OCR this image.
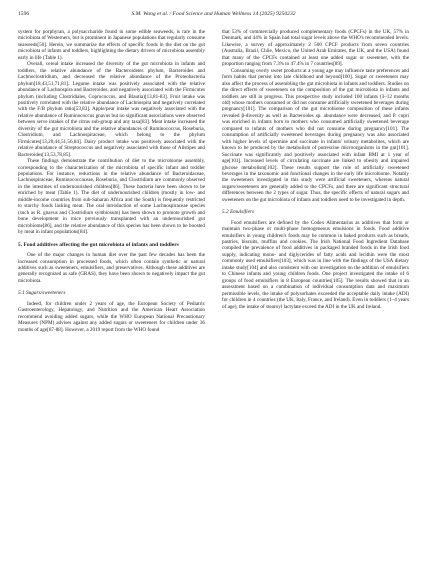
1596	S.M. Wang et al. / Food Science and Human Wellness 14 (2025) 9250232

system for porphyran, a polysaccharide found in some edible seaweeds, is rare in the microbiota of Westerners, but is prominent in Japanese populations that regularly consume seaweeds[50]. Herein, we summarize the effects of specific foods in the diet on the gut microbiota of infants and toddlers, highlighting the dietary drivers of microbiota assembly early in life (Table 1).

Overall, cereal intake increased the diversity of the gut microbiota in infants and toddlers, the relative abundance of the Bacteroidetes phylum, Bacteroides and Lachnoclostridium, and decreased the relative abundance of the Proteobacteria phylum[18,43,51,71,81]. Legume intake was positively associated with the relative abundance of Lachnospira and Bacteroides, and negatively associated with the Firmicutes phylum (including Clostridiales, Coprococcus, and Blautia)[13,81-83]. Fruit intake was positively correlated with the relative abundance of Lachnospira and negatively correlated with the F/B phylum ratio[53,83]. Apple/pear intake was negatively associated with the relative abundance of Ruminococcus gnavus but no significant associations were observed between serve intakes of the citrus sub-group and any taxa[83]. Meat intake increased the diversity of the gut microbiota and the relative abundances of Ruminococcus, Roseburia, Clostridium, and Lachnospiraceae, which belong to the phylum Firmicutes[13,20,44,51,56,84]. Dairy product intake was positively associated with the relative abundance of Streptococcus and negatively associated with those of Alistipes and Bacteroides[13,53,78,85].

These findings demonstrate the contribution of diet to the microbiome assembly, corresponding to the characterization of the microbiota of specific infant and toddler populations. For instance, reductions in the relative abundance of Bacteroidaceae, Lachnospiraceae, Ruminococcaceae, Roseburia, and Clostridium are commonly observed in the intestines of undernourished children[86]. These bacteria have been shown to be enriched by meat (Table 1). The diet of undernourished children (mostly in low- and middle-income countries from sub-Saharan Africa and the South) is frequently restricted to starchy foods lacking meat. The oral introduction of some Lachnospiraceae species (such as R. gnavus and Clostridium symbiosum) has been shown to promote growth and bone development in mice previously transplanted with an undernourished gut microbiome[86], and the relative abundance of this species has been shown to be boosted by meat in infant populations[84].

5. Food additives affecting the gut microbiota of infants and toddlers

One of the major changes in human diet over the past few decades has been the increased consumption in processed foods, which often contain synthetic or natural additives such as sweeteners, emulsifiers, and preservatives. Although these additives are generally recognized as safe (GRAS), they have been shown to negatively impact the gut microbiota.

5.1 Sugars/sweeteners

Indeed, for children under 2 years of age, the European Society of Pediatric Gastroenterology, Hepatology, and Nutrition and the American Heart Association recommend avoiding added sugars, while the WHO European National Precautionary Measures (NPM) advises against any added sugars or sweeteners for children under 36 months of age[87-88]. However, a 2019 report from the WHO found

that 53% of commercially produced complementary foods (CPCFs) in the UK, 57% in Denmark, and 44% in Spain had total sugar levels above the WHO's recommended levels. Likewise, a survey of approximately 2 500 CPCF products from seven countries (Australia, Brazil, Chile, Mexico, the United Arab Emirates, the UK, and the USA) found that many of the CPCFs contained at least one added sugar or sweetener, with the proportion ranging from 7.3% to 47.4% in 7 countries[89].

Consuming overly sweet products at a young age may influence taste preferences and form habits that persist into late childhood and beyond[100]. Sugar or sweeteners may also affect the process of assembling the gut microbiota in infants and toddlers. Studies on the direct effects of sweeteners on the composition of the gut microbiota in infants and toddlers are still in progress. This prospective study included 100 infants (3–12 months old) whose mothers consumed or did not consume artificially sweetened beverages during pregnancy[101]. The comparison of the gut microbiome composition of these infants revealed β-diversity as well as Bacteroides sp. abundance were decreased, and P. copri was enriched in infants born to mothers who consumed artificially sweetened beverage compared to infants of mothers who did not consume during pregnancy[101]. The consumption of artificially sweetened beverages during pregnancy was also associated with higher levels of spermine and succinate in infants' urinary metabolites, which are known to be produced by the metabolism of putrescine microorganisms in the gut[101]. Succinate was significantly and positively associated with infant BMI at 1 year of age[101]. Increased levels of circulating succinate are linked to obesity and impaired glucose metabolism[102]. These results support the role of artificially sweetened beverages in the taxonomic and functional changes in the early life microbiome. Notably the sweeteners investigated in this study were artificial sweeteners, whereas natural sugars/sweeteners are generally added to the CPCFs, and there are significant structural differences between the 2 types of sugar. Thus, the specific effects of natural sugars and sweeteners on the gut microbiota of infants and toddlers need to be investigated in depth.

5.2 Emulsifiers

Food emulsifiers are defined by the Codex Alimentarius as additives that form or maintain two-phase or multi-phase homogeneous emulsions in foods. Food additive emulsifiers in young children's foods may be common in baked products such as breads, pastries, biscuits, muffins and cookies. The Irish National Food Ingredient Database compiled the prevalence of food additives in packaged branded foods in the Irish food supply, indicating mono- and diglycerides of fatty acids and lecithin were the most commonly used emulsifiers[103], which was in line with the findings of the USA dietary intake study[104] and also consistent with our investigation on the addition of emulsifiers to Chinese infants and young children foods. One project investigated the intake of 6 groups of food emulsifiers in 8 European countries[105]. The results showed that in an assessment based on a combination of individual consumption data and maximum permissible levels, the intake of polysorbates exceeded the acceptable daily intake (ADI) for children in 4 countries (the UK, Italy, France, and Ireland). Even in toddlers (1–4 years of age), the intake of stearoyl lactylate exceed the ADI in the UK and Ireland.
